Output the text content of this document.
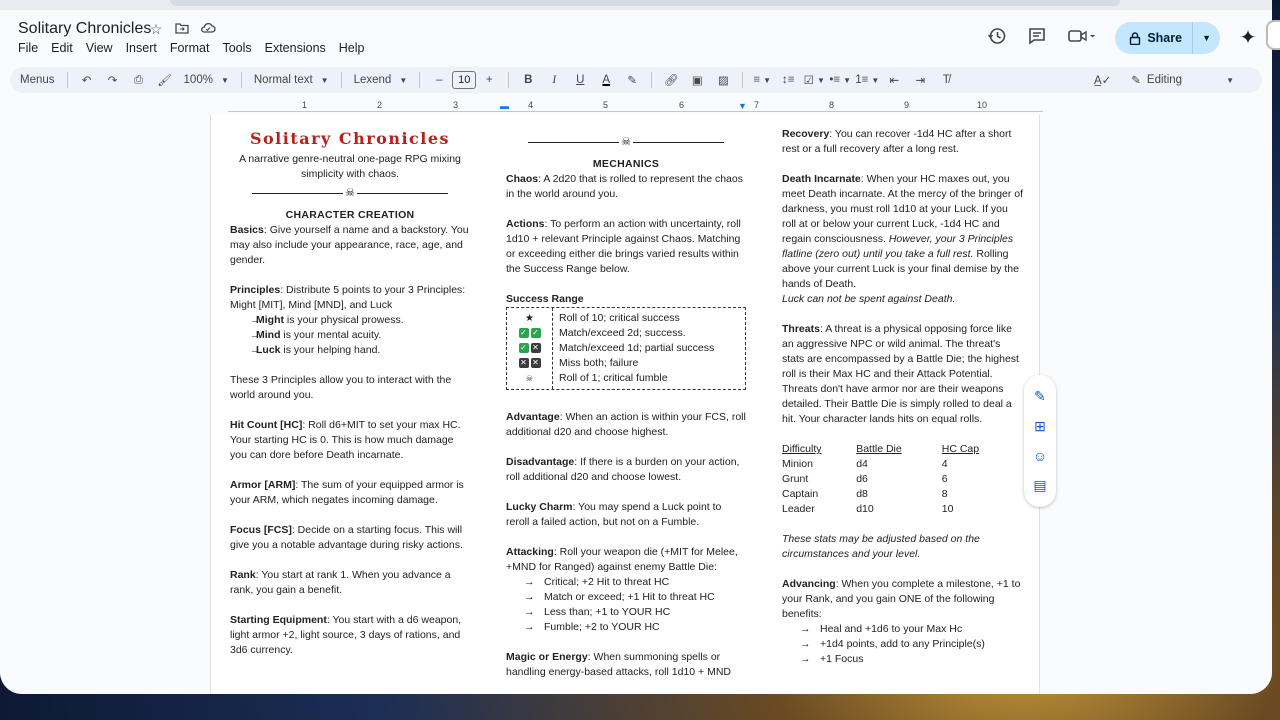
Solitary Chronicles
☆
File Edit View Insert Format Tools Extensions Help
Share	▼	✦
Menus	↶	↷	⎙	🖌︎	100% ▼ Normal text ▼ Lexend ▼	–	10	+	B	I	U	A	✎	🔗︎	▣	▨	≡ ▼ ↕≡ ☑ ▼ •≡ ▼ 1≡ ▼ ⇤	⇥	T̸	A̲✓ ✎ Editing	▼
▬	▼
1	2	3	4	5	6	7	8	9	10
Solitary Chronicles
A narrative genre-neutral one-page RPG mixing simplicity with chaos.
☠
CHARACTER CREATION

Basics: Give yourself a name and a backstory. You may also include your appearance, race, age, and gender.

Principles: Distribute 5 points to your 3 Principles: Might [MIT], Mind [MND], and Luck
→ Might is your physical prowess.
→ Mind is your mental acuity.
→ Luck is your helping hand.

These 3 Principles allow you to interact with the world around you.

Hit Count [HC]: Roll d6+MIT to set your max HC. Your starting HC is 0. This is how much damage you can dore before Death incarnate.

Armor [ARM]: The sum of your equipped armor is your ARM, which negates incoming damage.

Focus [FCS]: Decide on a starting focus. This will give you a notable advantage during risky actions.

Rank: You start at rank 1. When you advance a rank, you gain a benefit.

Starting Equipment: You start with a d6 weapon, light armor +2, light source, 3 days of rations, and 3d6 currency.

☠
MECHANICS

Chaos: A 2d20 that is rolled to represent the chaos in the world around you.

Actions: To perform an action with uncertainty, roll 1d10 + relevant Principle against Chaos. Matching or exceeding either die brings varied results within the Success Range below.

Success Range
★
✓ ✓
✓ ✕
✕ ✕
☠
Roll of 10; critical success
Match/exceed 2d; success.
Match/exceed 1d; partial success
Miss both; failure
Roll of 1; critical fumble

Advantage: When an action is within your FCS, roll additional d20 and choose highest.

Disadvantage: If there is a burden on your action, roll additional d20 and choose lowest.

Lucky Charm: You may spend a Luck point to reroll a failed action, but not on a Fumble.

Attacking: Roll your weapon die (+MIT for Melee, +MND for Ranged) against enemy Battle Die:
→ Critical; +2 Hit to threat HC
→ Match or exceed; +1 Hit to threat HC
→ Less than; +1 to YOUR HC
→ Fumble; +2 to YOUR HC

Magic or Energy: When summoning spells or handling energy-based attacks, roll 1d10 + MND

Recovery: You can recover -1d4 HC after a short rest or a full recovery after a long rest.

Death Incarnate: When your HC maxes out, you meet Death incarnate. At the mercy of the bringer of darkness, you must roll 1d10 at your Luck. If you roll at or below your current Luck, -1d4 HC and regain consciousness. However, your 3 Principles flatline (zero out) until you take a full rest. Rolling above your current Luck is your final demise by the hands of Death.

Luck can not be spent against Death.

Threats: A threat is a physical opposing force like an aggressive NPC or wild animal. The threat's stats are encompassed by a Battle Die; the highest roll is their Max HC and their Attack Potential. Threats don't have armor nor are their weapons detailed. Their Battle Die is simply rolled to deal a hit. Your character lands hits on equal rolls.

Difficulty	Battle Die	HC Cap
Minion	d4	4
Grunt	d6	6
Captain	d8	8
Leader	d10	10

These stats may be adjusted based on the circumstances and your level.

Advancing: When you complete a milestone, +1 to your Rank, and you gain ONE of the following benefits:
→ Heal and +1d6 to your Max Hc
→ +1d4 points, add to any Principle(s)
→ +1 Focus
✎
⊞
☺
▤
